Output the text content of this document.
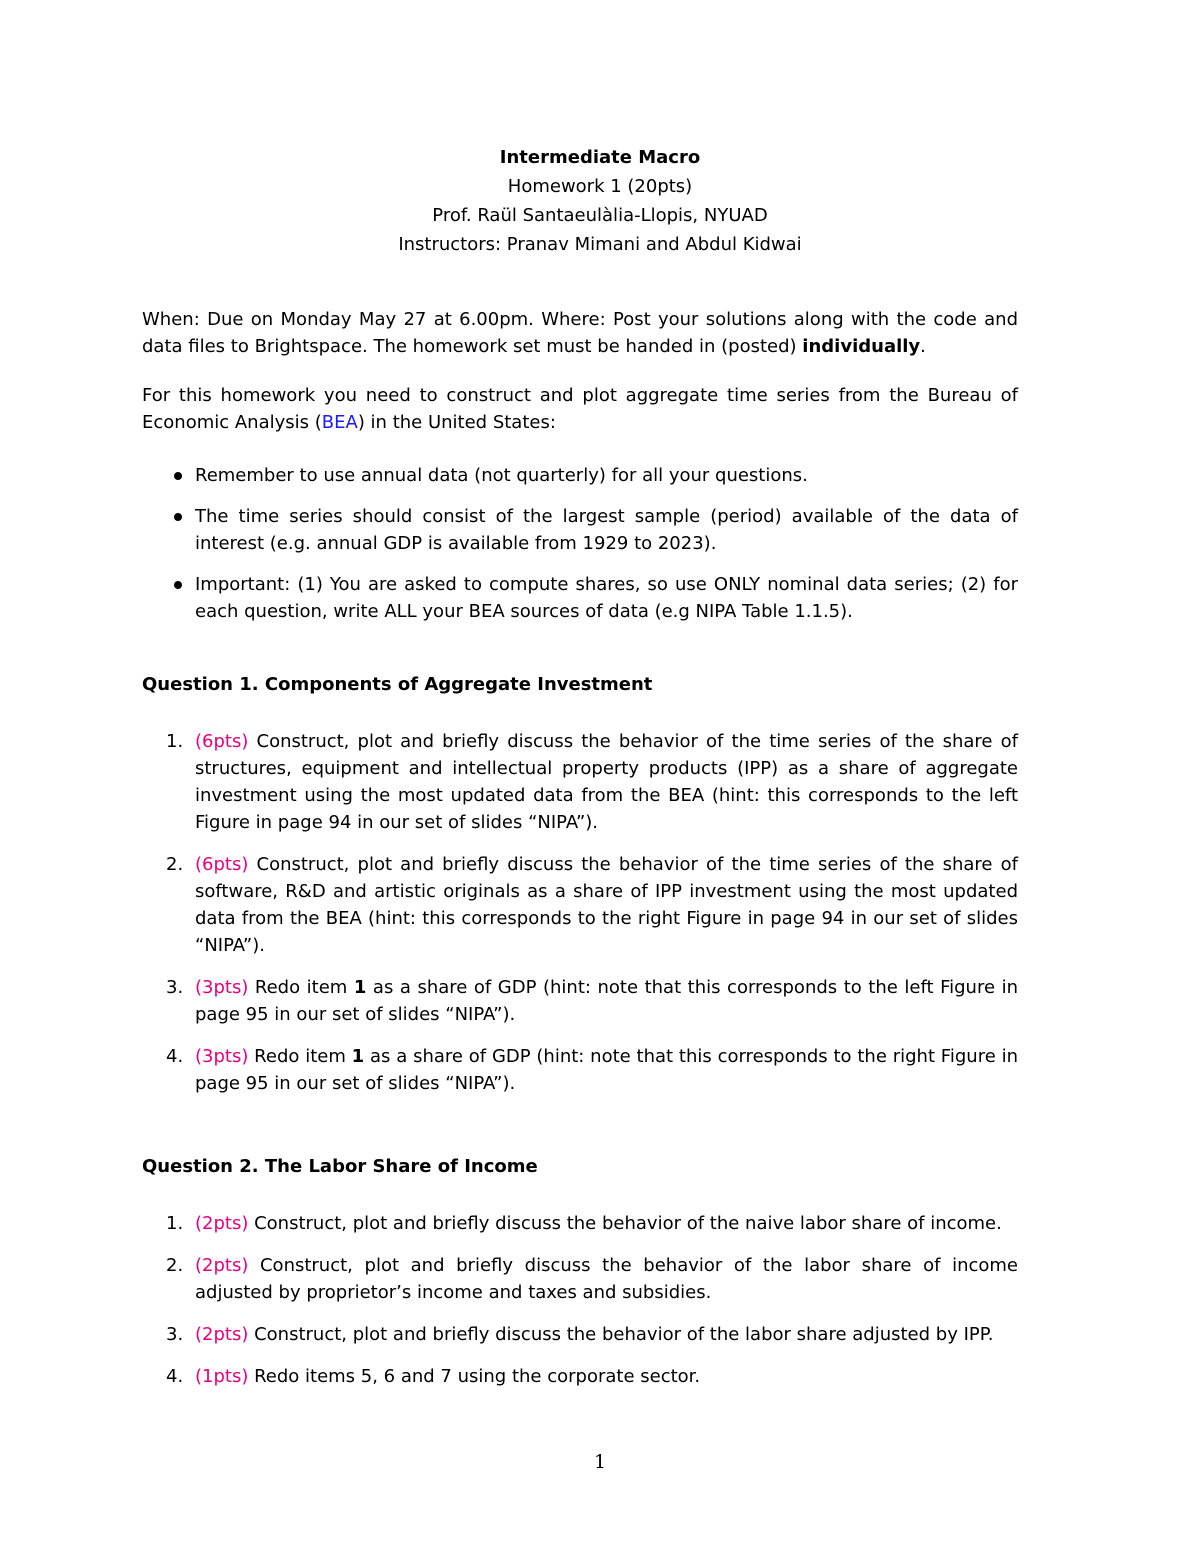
Intermediate Macro
Homework 1 (20pts)
Prof. Raül Santaeulàlia-Llopis, NYUAD
Instructors: Pranav Mimani and Abdul Kidwai

When: Due on Monday May 27 at 6.00pm. Where: Post your solutions along with the code and data files to Brightspace. The homework set must be handed in (posted) individually.

For this homework you need to construct and plot aggregate time series from the Bureau of Economic Analysis (BEA) in the United States:

Remember to use annual data (not quarterly) for all your questions.
The time series should consist of the largest sample (period) available of the data of interest (e.g. annual GDP is available from 1929 to 2023).
Important: (1) You are asked to compute shares, so use ONLY nominal data series; (2) for each question, write ALL your BEA sources of data (e.g NIPA Table 1.1.5).
Question 1. Components of Aggregate Investment
1. (6pts) Construct, plot and briefly discuss the behavior of the time series of the share of structures, equipment and intellectual property products (IPP) as a share of aggregate investment using the most updated data from the BEA (hint: this corresponds to the left Figure in page 94 in our set of slides “NIPA”).
2. (6pts) Construct, plot and briefly discuss the behavior of the time series of the share of software, R&D and artistic originals as a share of IPP investment using the most updated data from the BEA (hint: this corresponds to the right Figure in page 94 in our set of slides “NIPA”).
3. (3pts) Redo item 1 as a share of GDP (hint: note that this corresponds to the left Figure in page 95 in our set of slides “NIPA”).
4. (3pts) Redo item 1 as a share of GDP (hint: note that this corresponds to the right Figure in page 95 in our set of slides “NIPA”).
Question 2. The Labor Share of Income
1. (2pts) Construct, plot and briefly discuss the behavior of the naive labor share of income.
2. (2pts) Construct, plot and briefly discuss the behavior of the labor share of income adjusted by proprietor’s income and taxes and subsidies.
3. (2pts) Construct, plot and briefly discuss the behavior of the labor share adjusted by IPP.
4. (1pts) Redo items 5, 6 and 7 using the corporate sector.
1
